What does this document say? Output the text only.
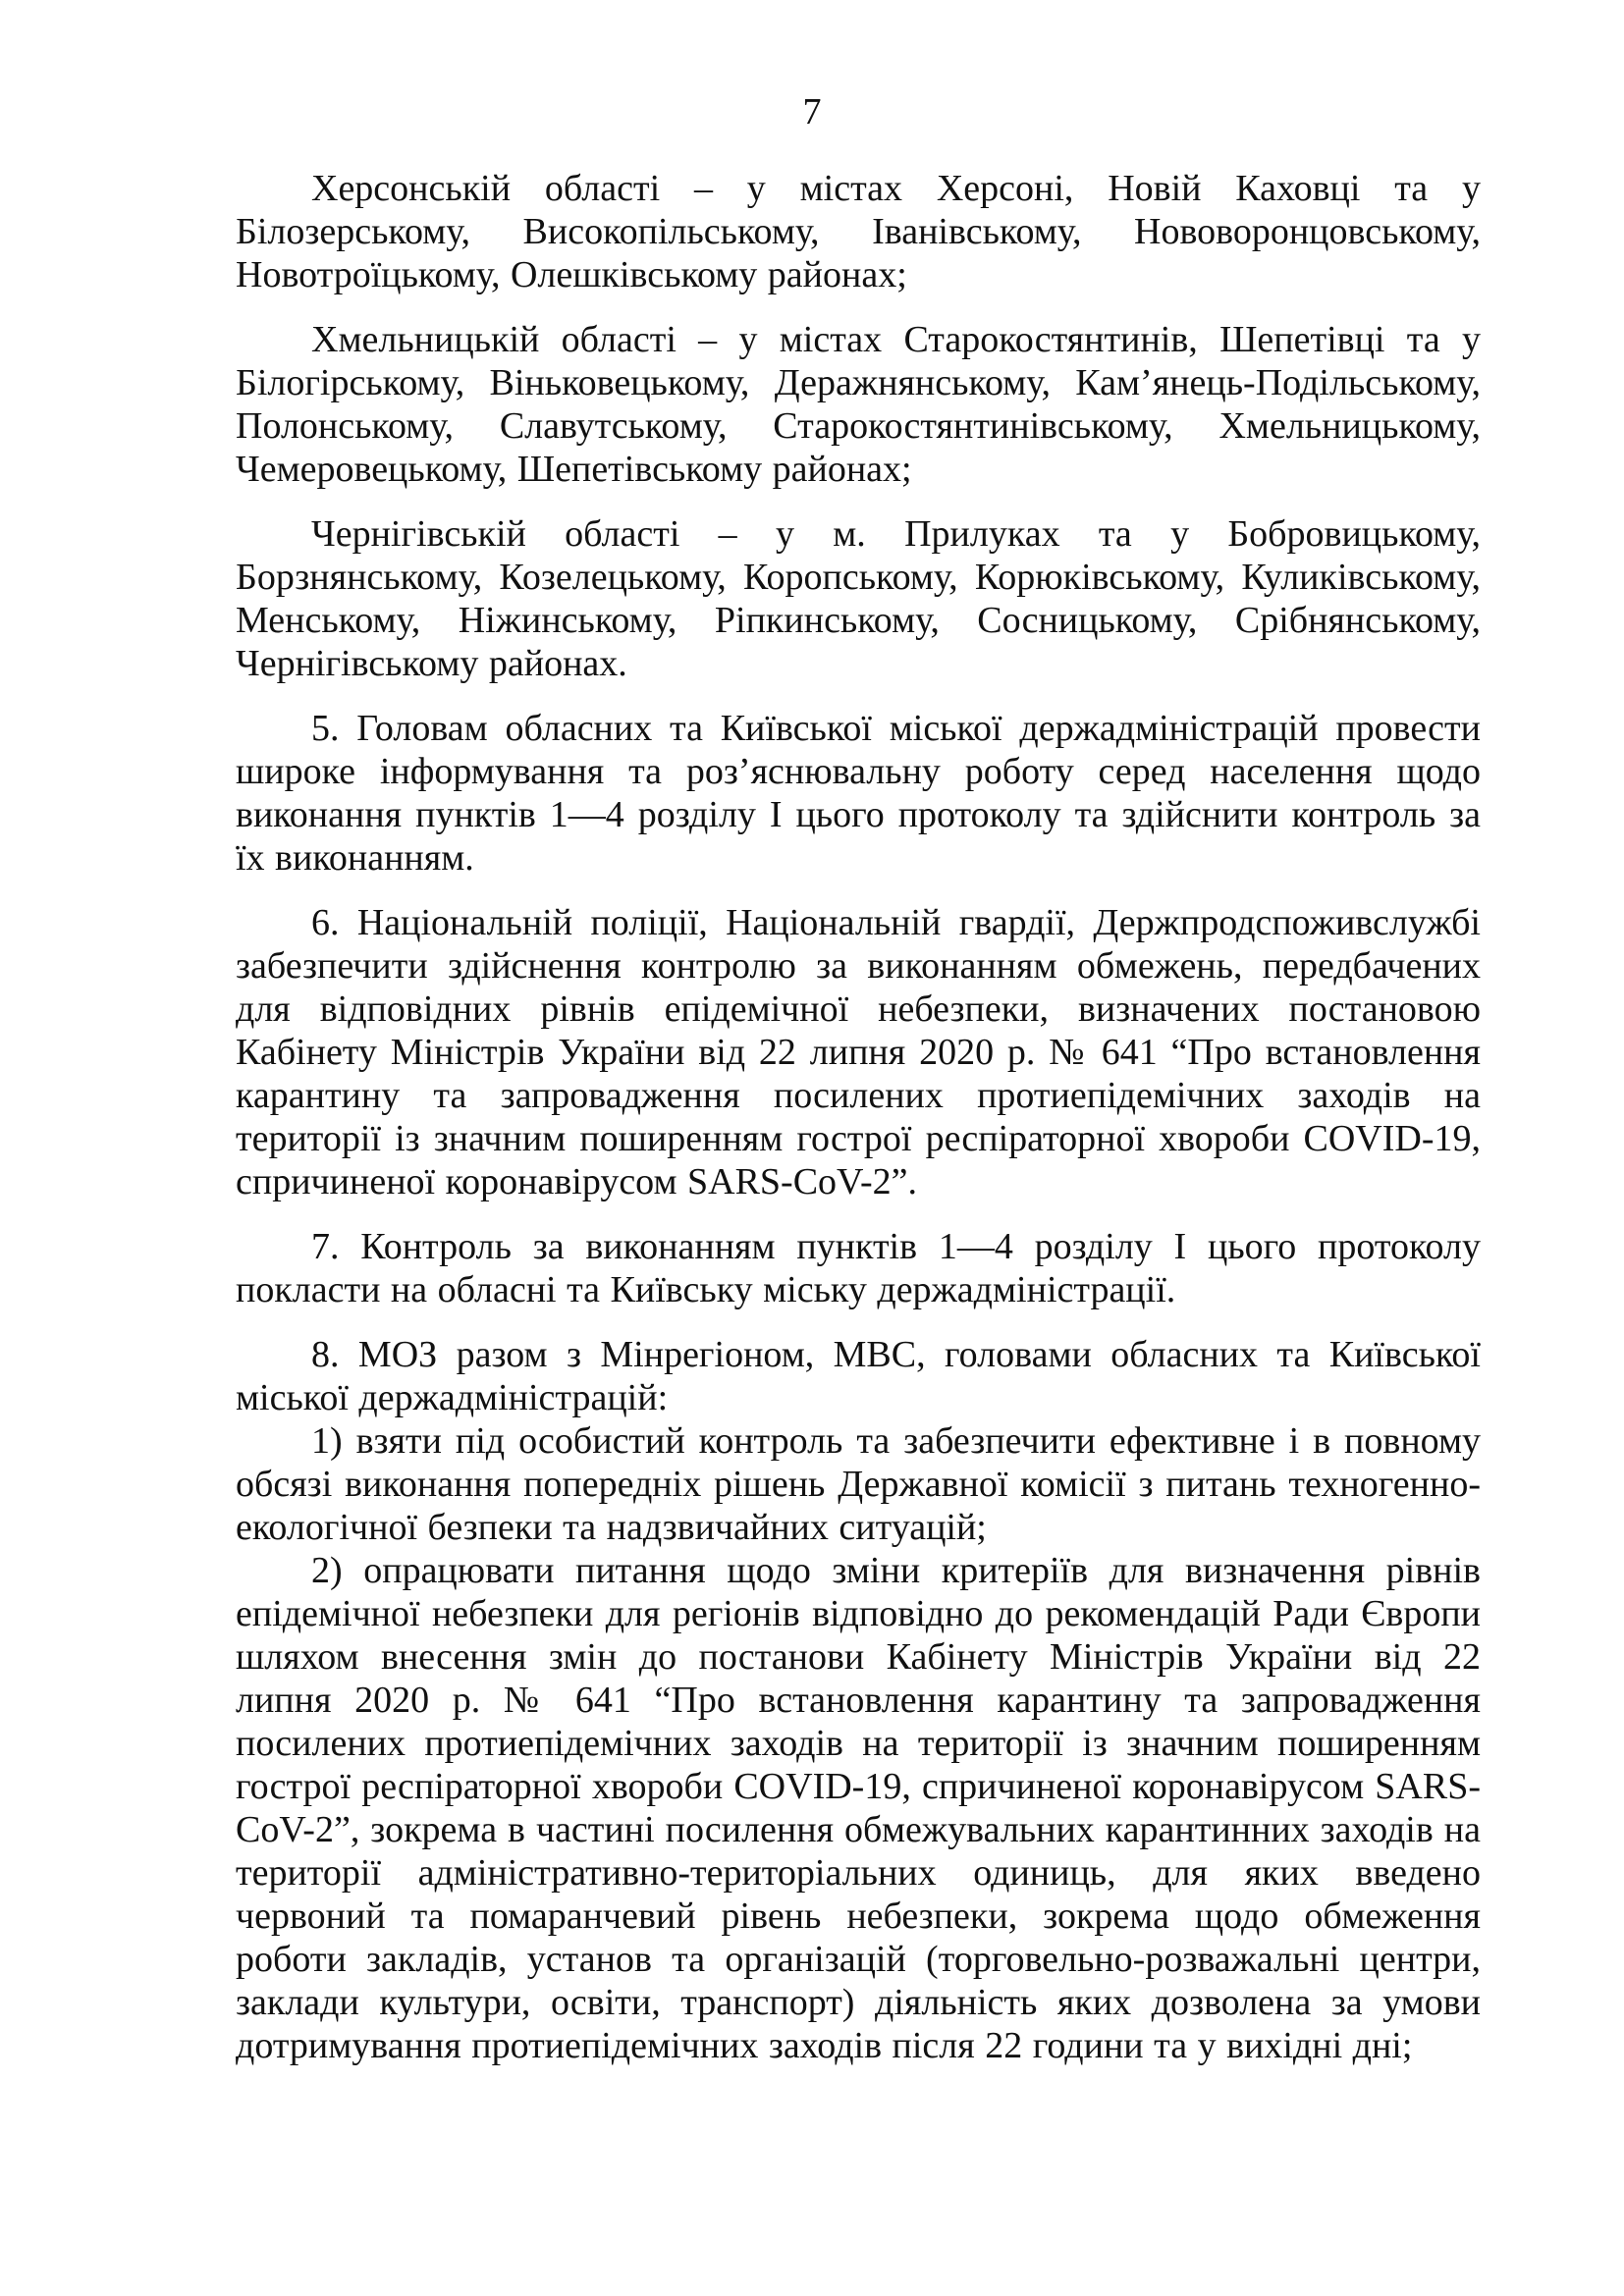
7

Херсонській області – у містах Херсоні, Новій Каховці та у Білозерському, Високопільському, Іванівському, Нововоронцовському, Новотроїцькому, Олешківському районах;

Хмельницькій області – у містах Старокостянтинів, Шепетівці та у Білогірському, Віньковецькому, Деражнянському, Кам’янець-Подільському, Полонському, Славутському, Старокостянтинівському, Хмельницькому, Чемеровецькому, Шепетівському районах;

Чернігівській області – у м. Прилуках та у Бобровицькому, Борзнянському, Козелецькому, Коропському, Корюківському, Куликівському, Менському, Ніжинському, Ріпкинському, Сосницькому, Срібнянському, Чернігівському районах.

5. Головам обласних та Київської міської держадміністрацій провести широке інформування та роз’яснювальну роботу серед населення щодо виконання пунктів 1—4 розділу I цього протоколу та здійснити контроль за їх виконанням.

6. Національній поліції, Національній гвардії, Держпродспоживслужбі забезпечити здійснення контролю за виконанням обмежень, передбачених для відповідних рівнів епідемічної небезпеки, визначених постановою Кабінету Міністрів України від 22 липня 2020 р. № 641 “Про встановлення карантину та запровадження посилених протиепідемічних заходів на території із значним поширенням гострої респіраторної хвороби COVID-19, спричиненої коронавірусом SARS-CoV-2”.

7. Контроль за виконанням пунктів 1—4 розділу I цього протоколу покласти на обласні та Київську міську держадміністрації.

8. МОЗ разом з Мінрегіоном, МВС, головами обласних та Київської міської держадміністрацій:

1) взяти під особистий контроль та забезпечити ефективне і в повному обсязі виконання попередніх рішень Державної комісії з питань техногенно-екологічної безпеки та надзвичайних ситуацій;

2) опрацювати питання щодо зміни критеріїв для визначення рівнів епідемічної небезпеки для регіонів відповідно до рекомендацій Ради Європи шляхом внесення змін до постанови Кабінету Міністрів України від 22 липня 2020 р. № 641 “Про встановлення карантину та запровадження посилених протиепідемічних заходів на території із значним поширенням гострої респіраторної хвороби COVID-19, спричиненої коронавірусом SARS-CoV-2”, зокрема в частині посилення обмежувальних карантинних заходів на території адміністративно-територіальних одиниць, для яких введено червоний та помаранчевий рівень небезпеки, зокрема щодо обмеження роботи закладів, установ та організацій (торговельно-розважальні центри, заклади культури, освіти, транспорт) діяльність яких дозволена за умови дотримування протиепідемічних заходів після 22 години та у вихідні дні;
